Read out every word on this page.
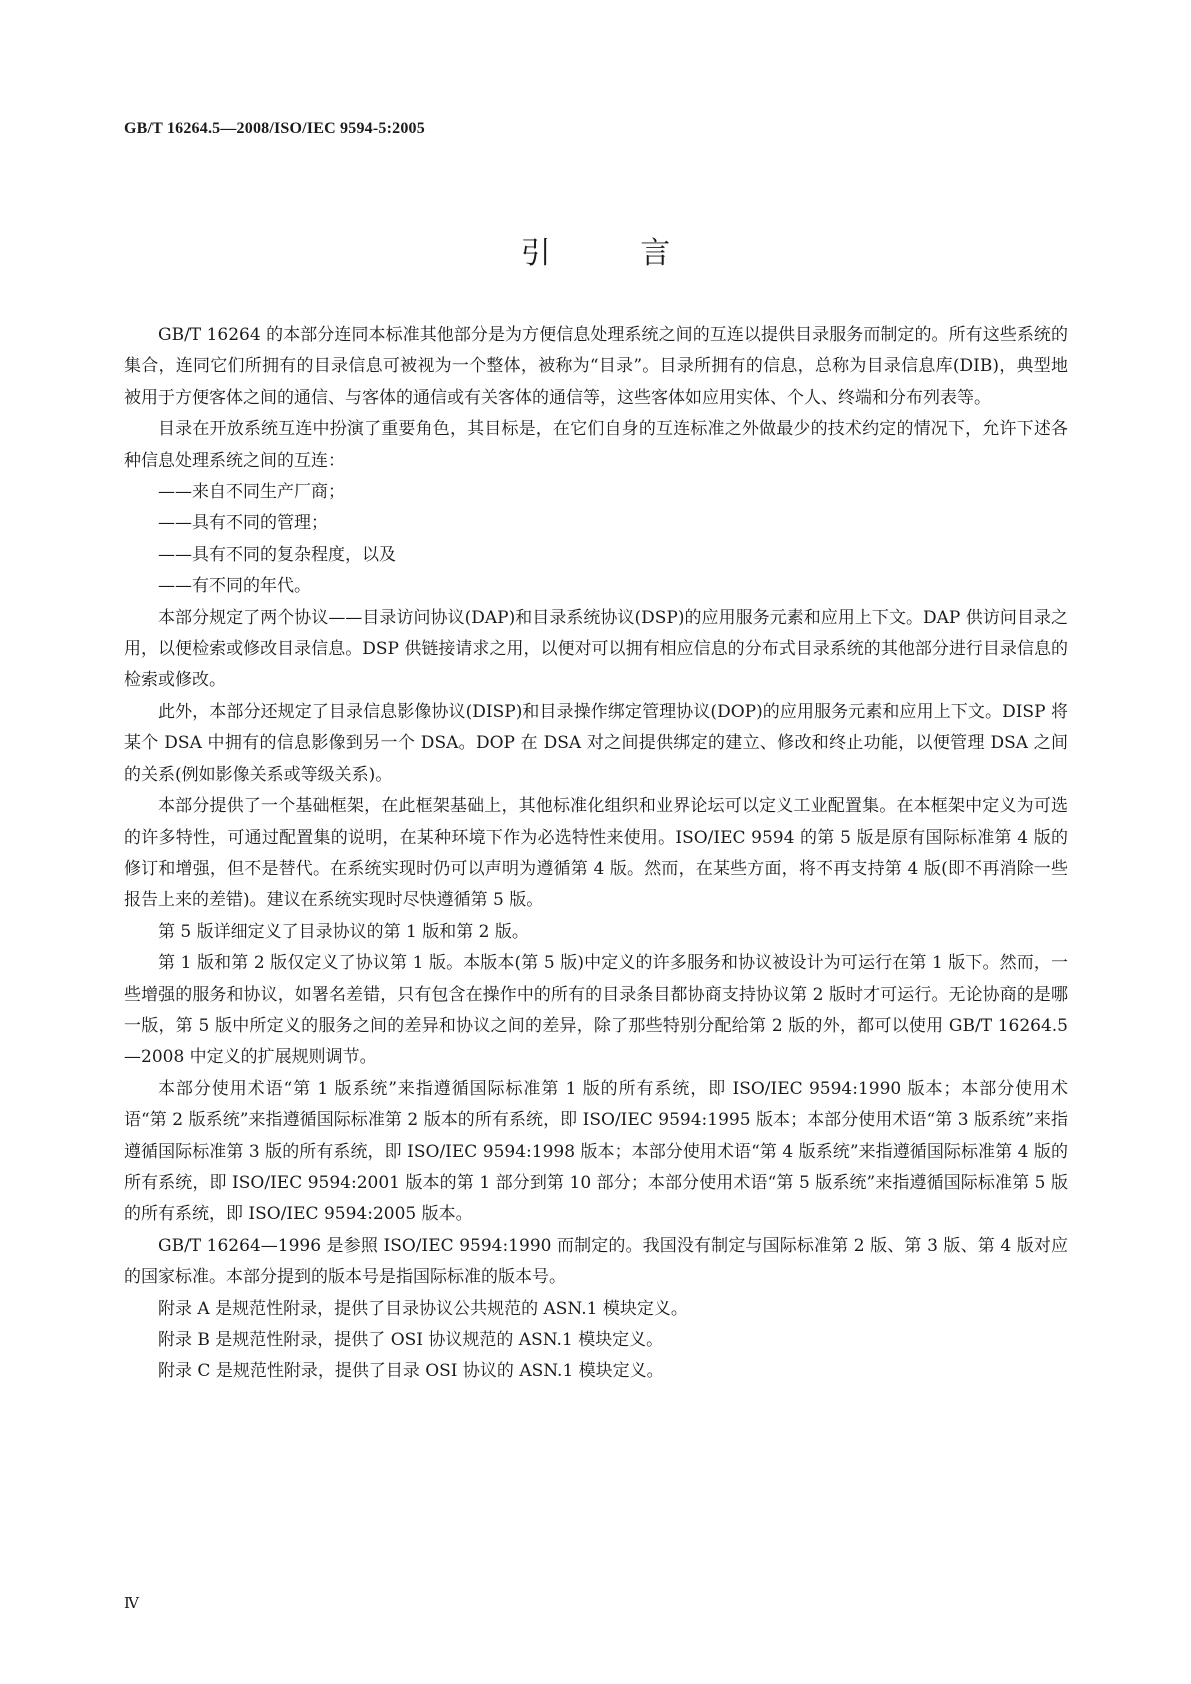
GB/T 16264.5—2008/ISO/IEC 9594-5:2005
引 言

GB/T 16264 的本部分连同本标准其他部分是为方便信息处理系统之间的互连以提供目录服务而制定的。所有这些系统的集合，连同它们所拥有的目录信息可被视为一个整体，被称为“目录”。目录所拥有的信息，总称为目录信息库(DIB)，典型地被用于方便客体之间的通信、与客体的通信或有关客体的通信等，这些客体如应用实体、个人、终端和分布列表等。

目录在开放系统互连中扮演了重要角色，其目标是，在它们自身的互连标准之外做最少的技术约定的情况下，允许下述各种信息处理系统之间的互连：

——来自不同生产厂商；

——具有不同的管理；

——具有不同的复杂程度，以及

——有不同的年代。

本部分规定了两个协议——目录访问协议(DAP)和目录系统协议(DSP)的应用服务元素和应用上下文。DAP 供访问目录之用，以便检索或修改目录信息。DSP 供链接请求之用，以便对可以拥有相应信息的分布式目录系统的其他部分进行目录信息的检索或修改。

此外，本部分还规定了目录信息影像协议(DISP)和目录操作绑定管理协议(DOP)的应用服务元素和应用上下文。DISP 将某个 DSA 中拥有的信息影像到另一个 DSA。DOP 在 DSA 对之间提供绑定的建立、修改和终止功能，以便管理 DSA 之间的关系(例如影像关系或等级关系)。

本部分提供了一个基础框架，在此框架基础上，其他标准化组织和业界论坛可以定义工业配置集。在本框架中定义为可选的许多特性，可通过配置集的说明，在某种环境下作为必选特性来使用。ISO/IEC 9594 的第 5 版是原有国际标准第 4 版的修订和增强，但不是替代。在系统实现时仍可以声明为遵循第 4 版。然而，在某些方面，将不再支持第 4 版(即不再消除一些报告上来的差错)。建议在系统实现时尽快遵循第 5 版。

第 5 版详细定义了目录协议的第 1 版和第 2 版。

第 1 版和第 2 版仅定义了协议第 1 版。本版本(第 5 版)中定义的许多服务和协议被设计为可运行在第 1 版下。然而，一些增强的服务和协议，如署名差错，只有包含在操作中的所有的目录条目都协商支持协议第 2 版时才可运行。无论协商的是哪一版，第 5 版中所定义的服务之间的差异和协议之间的差异，除了那些特别分配给第 2 版的外，都可以使用 GB/T 16264.5—2008 中定义的扩展规则调节。

本部分使用术语“第 1 版系统”来指遵循国际标准第 1 版的所有系统，即 ISO/IEC 9594:1990 版本；本部分使用术语“第 2 版系统”来指遵循国际标准第 2 版本的所有系统，即 ISO/IEC 9594:1995 版本；本部分使用术语“第 3 版系统”来指遵循国际标准第 3 版的所有系统，即 ISO/IEC 9594:1998 版本；本部分使用术语“第 4 版系统”来指遵循国际标准第 4 版的所有系统，即 ISO/IEC 9594:2001 版本的第 1 部分到第 10 部分；本部分使用术语“第 5 版系统”来指遵循国际标准第 5 版的所有系统，即 ISO/IEC 9594:2005 版本。

GB/T 16264—1996 是参照 ISO/IEC 9594:1990 而制定的。我国没有制定与国际标准第 2 版、第 3 版、第 4 版对应的国家标准。本部分提到的版本号是指国际标准的版本号。

附录 A 是规范性附录，提供了目录协议公共规范的 ASN.1 模块定义。

附录 B 是规范性附录，提供了 OSI 协议规范的 ASN.1 模块定义。

附录 C 是规范性附录，提供了目录 OSI 协议的 ASN.1 模块定义。

Ⅳ
